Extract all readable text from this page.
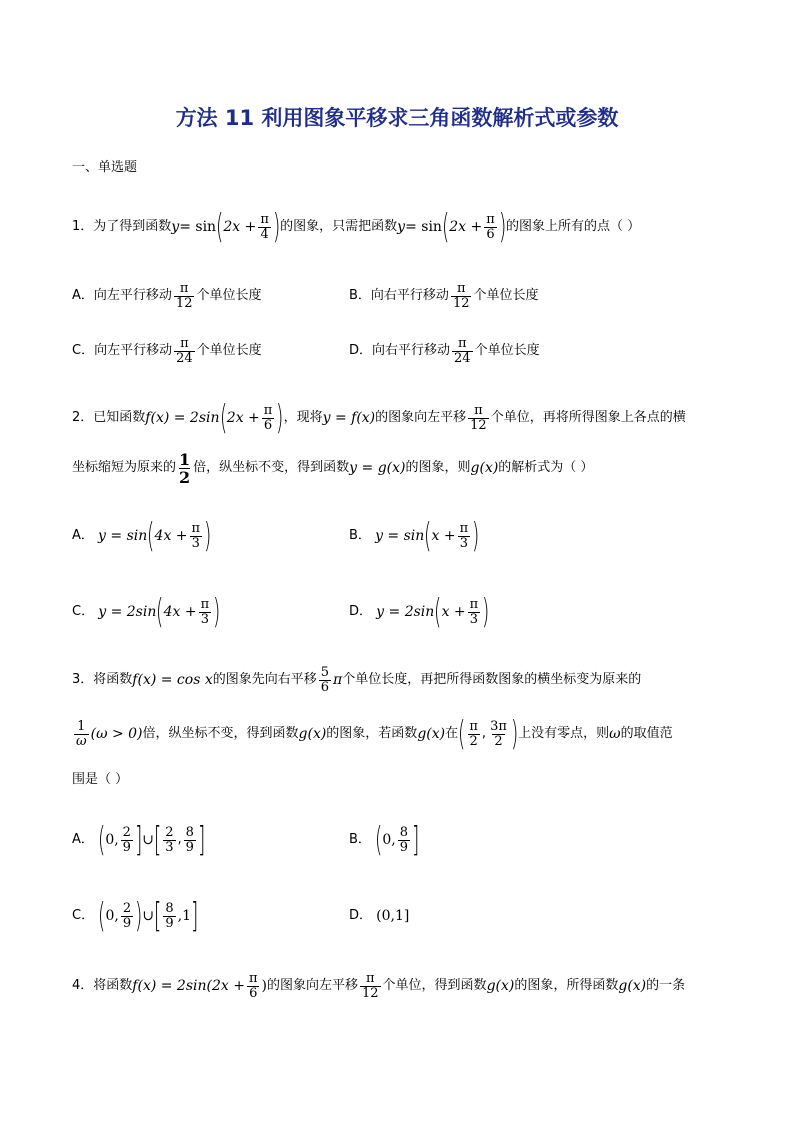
方法 11 利用图象平移求三角函数解析式或参数
一、单选题
1． 为了得到函数 y = sin ( $2x + \frac{\pi}{4}$ ) 的图象，只需把函数 y = sin ( $2x + \frac{\pi}{6}$ ) 的图象上所有的点（ ）
A． 向左平行移动 $\frac{\pi}{12}$ 个单位长度	B． 向右平行移动 $\frac{\pi}{12}$ 个单位长度
C． 向左平行移动 $\frac{\pi}{24}$ 个单位长度	D． 向右平行移动 $\frac{\pi}{24}$ 个单位长度
2． 已知函数 f(x) = 2sin ( $2x + \frac{\pi}{6}$ ) ，现将 y = f(x) 的图象向左平移 $\frac{\pi}{12}$ 个单位，再将所得图象上各点的横
坐标缩短为原来的 1
2 倍，纵坐标不变，得到函数 y = g(x) 的图象，则 g(x) 的解析式为（ ）
A．
y = sin ( $4x + \frac{\pi}{3}$ )	B．
y = sin ( $x + \frac{\pi}{3}$ )
C．
y = 2sin ( $4x + \frac{\pi}{3}$ )	D．
y = 2sin ( $x + \frac{\pi}{3}$ )
3． 将函数 f(x) = cos x 的图象先向右平移 $\frac{5}{6}$ π 个单位长度，再把所得函数图象的横坐标变为原来的
$\frac{1}{\omega} (\omega > 0)$ 倍，纵坐标不变，得到函数 g(x) 的图象，若函数 g(x) 在 ( $\frac{\pi}{2}$ , $\frac{3\pi}{2}$ ) 上没有零点，则 ω 的取值范
围是（ ）
A．
( 0, $\frac{2}{9}$ ] ∪ [ $\frac{2}{3}$ , $\frac{8}{9}$ ]	B．
( 0, $\frac{8}{9}$ ]
C．
( 0, $\frac{2}{9}$ ) ∪ [ $\frac{8}{9} ,1$ ]	D．
(0,1]
4． 将函数 $f(x) = 2\sin(2x + \frac{\pi}{6}$ ) 的图象向左平移 $\frac{\pi}{12}$ 个单位，得到函数 g(x) 的图象，所得函数 g(x) 的一条
